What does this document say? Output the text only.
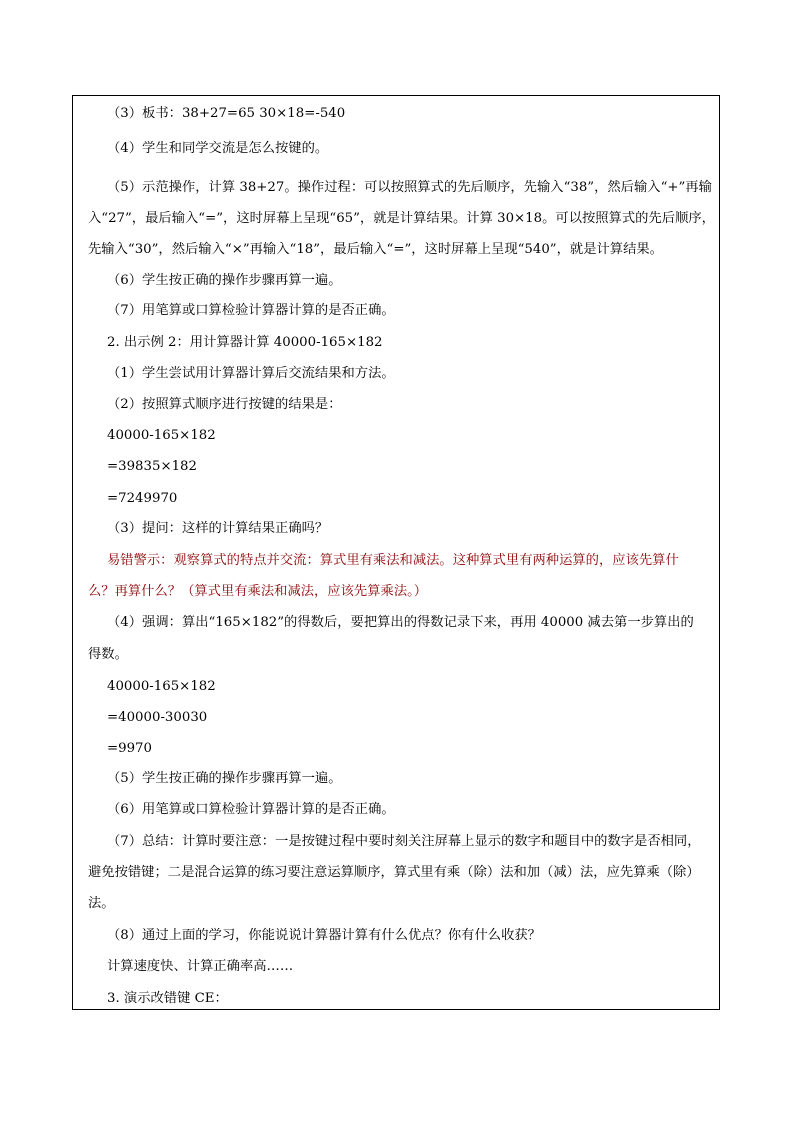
（3）板书：38+27=65 30×18=-540
（4）学生和同学交流是怎么按键的。
（5）示范操作，计算 38+27。操作过程：可以按照算式的先后顺序，先输入“38”，然后输入“+”再输
入“27”，最后输入“=”，这时屏幕上呈现“65”，就是计算结果。计算 30×18。可以按照算式的先后顺序，
先输入“30”，然后输入“×”再输入“18”，最后输入“=”，这时屏幕上呈现“540”，就是计算结果。
（6）学生按正确的操作步骤再算一遍。
（7）用笔算或口算检验计算器计算的是否正确。
2. 出示例 2：用计算器计算 40000-165×182
（1）学生尝试用计算器计算后交流结果和方法。
（2）按照算式顺序进行按键的结果是：
40000-165×182
=39835×182
=7249970
（3）提问：这样的计算结果正确吗？
易错警示：观察算式的特点并交流：算式里有乘法和减法。这种算式里有两种运算的，应该先算什
么？再算什么？（算式里有乘法和减法，应该先算乘法。）
（4）强调：算出“165×182”的得数后，要把算出的得数记录下来，再用 40000 减去第一步算出的
得数。
40000-165×182
=40000-30030
=9970
（5）学生按正确的操作步骤再算一遍。
（6）用笔算或口算检验计算器计算的是否正确。
（7）总结：计算时要注意：一是按键过程中要时刻关注屏幕上显示的数字和题目中的数字是否相同，
避免按错键；二是混合运算的练习要注意运算顺序，算式里有乘（除）法和加（减）法，应先算乘（除）
法。
（8）通过上面的学习，你能说说计算器计算有什么优点？你有什么收获？
计算速度快、计算正确率高……
3. 演示改错键 CE：
